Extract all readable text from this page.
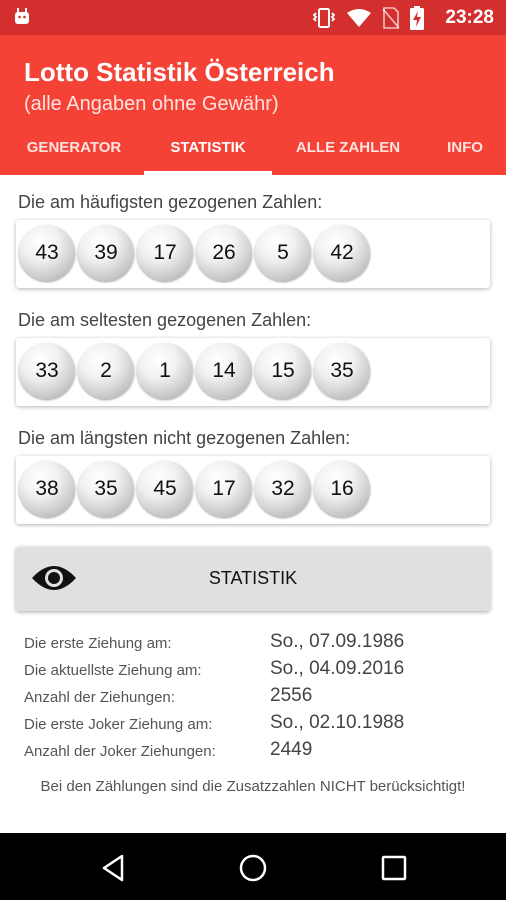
23:28
Lotto Statistik Österreich
(alle Angaben ohne Gewähr)
GENERATOR	STATISTIK	ALLE ZAHLEN	INFO
Die am häufigsten gezogenen Zahlen:
43	39	17	26	5	42
Die am seltesten gezogenen Zahlen:
33	2	1	14	15	35
Die am längsten nicht gezogenen Zahlen:
38	35	45	17	32	16
STATISTIK
Die erste Ziehung am:	So., 07.09.1986
Die aktuellste Ziehung am:	So., 04.09.2016
Anzahl der Ziehungen:	2556
Die erste Joker Ziehung am:	So., 02.10.1988
Anzahl der Joker Ziehungen:	2449
Bei den Zählungen sind die Zusatzzahlen NICHT berücksichtigt!
